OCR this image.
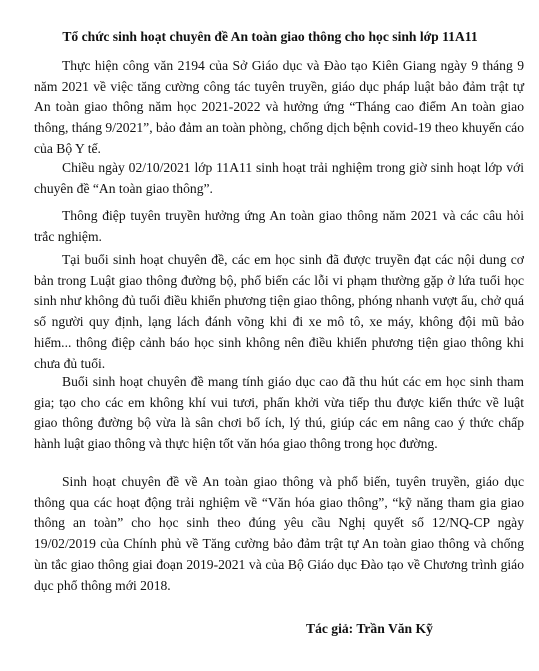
Tổ chức sinh hoạt chuyên đề An toàn giao thông cho học sinh lớp 11A11

Thực hiện công văn 2194 của Sở Giáo dục và Đào tạo Kiên Giang ngày 9 tháng 9 năm 2021 về việc tăng cường công tác tuyên truyền, giáo dục pháp luật bảo đảm trật tự An toàn giao thông năm học 2021-2022 và hưởng ứng “Tháng cao điểm An toàn giao thông, tháng 9/2021”, bảo đảm an toàn phòng, chống dịch bệnh covid-19 theo khuyến cáo của Bộ Y tế.

Chiều ngày 02/10/2021 lớp 11A11 sinh hoạt trải nghiệm trong giờ sinh hoạt lớp với chuyên đề “An toàn giao thông”.

Thông điệp tuyên truyền hưởng ứng An toàn giao thông năm 2021 và các câu hỏi trắc nghiệm.

Tại buổi sinh hoạt chuyên đề, các em học sinh đã được truyền đạt các nội dung cơ bản trong Luật giao thông đường bộ, phổ biến các lỗi vi phạm thường gặp ở lứa tuổi học sinh như không đủ tuổi điều khiển phương tiện giao thông, phóng nhanh vượt ẩu, chở quá số người quy định, lạng lách đánh võng khi đi xe mô tô, xe máy, không đội mũ bảo hiểm... thông điệp cảnh báo học sinh không nên điều khiển phương tiện giao thông khi chưa đủ tuổi.

Buổi sinh hoạt chuyên đề mang tính giáo dục cao đã thu hút các em học sinh tham gia; tạo cho các em không khí vui tươi, phấn khởi vừa tiếp thu được kiến thức về luật giao thông đường bộ vừa là sân chơi bổ ích, lý thú, giúp các em nâng cao ý thức chấp hành luật giao thông và thực hiện tốt văn hóa giao thông trong học đường.

Sinh hoạt chuyên đề về An toàn giao thông và phổ biến, tuyên truyền, giáo dục thông qua các hoạt động trải nghiệm về “Văn hóa giao thông”, “kỹ năng tham gia giao thông an toàn” cho học sinh theo đúng yêu cầu Nghị quyết số 12/NQ-CP ngày 19/02/2019 của Chính phủ về Tăng cường bảo đảm trật tự An toàn giao thông và chống ùn tắc giao thông giai đoạn 2019-2021 và của Bộ Giáo dục Đào tạo về Chương trình giáo dục phổ thông mới 2018.

Tác giả: Trần Văn Kỹ
